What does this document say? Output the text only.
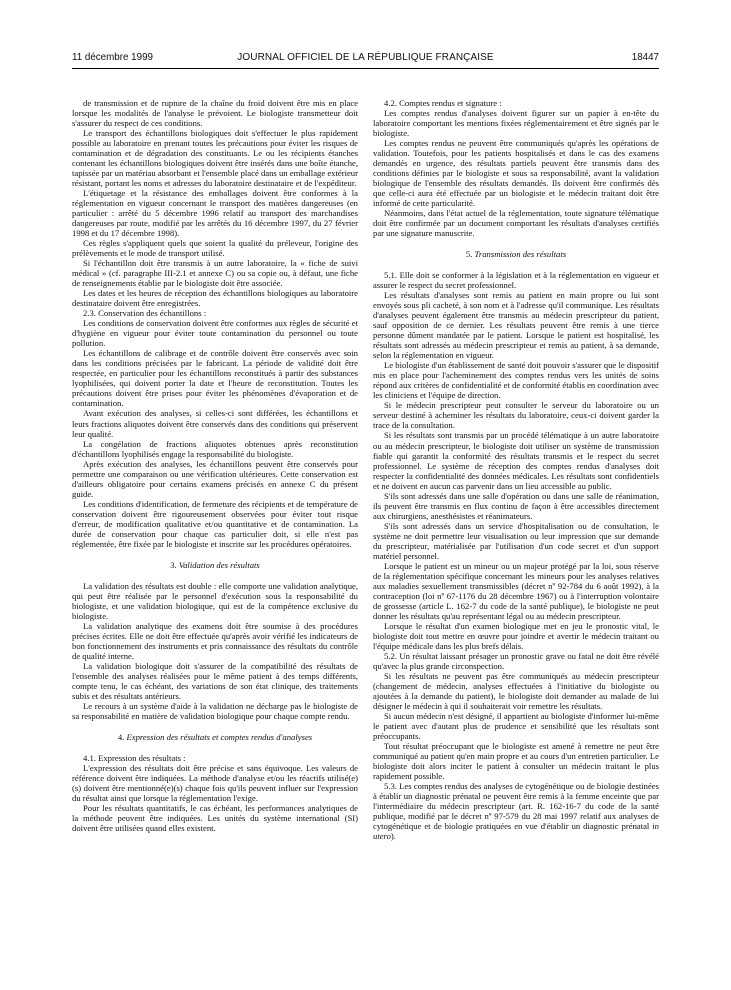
11 décembre 1999	JOURNAL OFFICIEL DE LA RÉPUBLIQUE FRANÇAISE	18447

de transmission et de rupture de la chaîne du froid doivent être mis en place lorsque les modalités de l'analyse le prévoient. Le biologiste transmetteur doit s'assurer du respect de ces conditions.

Le transport des échantillons biologiques doit s'effectuer le plus rapidement possible au laboratoire en prenant toutes les précautions pour éviter les risques de contamination et de dégradation des constituants. Le ou les récipients étanches contenant les échantillons biologiques doivent être insérés dans une boîte étanche, tapissée par un matériau absorbant et l'ensemble placé dans un emballage extérieur résistant, portant les noms et adresses du laboratoire destinataire et de l'expéditeur.

L'étiquetage et la résistance des emballages doivent être conformes à la réglementation en vigueur concernant le transport des matières dangereuses (en particulier : arrêté du 5 décembre 1996 relatif au transport des marchandises dangereuses par route, modifié par les arrêtés du 16 décembre 1997, du 27 février 1998 et du 17 décembre 1998).

Ces règles s'appliquent quels que soient la qualité du préleveur, l'origine des prélèvements et le mode de transport utilisé.

Si l'échantillon doit être transmis à un autre laboratoire, la « fiche de suivi médical » (cf. paragraphe III-2.1 et annexe C) ou sa copie ou, à défaut, une fiche de renseignements établie par le biologiste doit être associée.

Les dates et les heures de réception des échantillons biologiques au laboratoire destinataire doivent être enregistrées.

2.3. Conservation des échantillons :

Les conditions de conservation doivent être conformes aux règles de sécurité et d'hygiène en vigueur pour éviter toute contamination du personnel ou toute pollution.

Les échantillons de calibrage et de contrôle doivent être conservés avec soin dans les conditions précisées par le fabricant. La période de validité doit être respectée, en particulier pour les échantillons reconstitués à partir des substances lyophilisées, qui doivent porter la date et l'heure de reconstitution. Toutes les précautions doivent être prises pour éviter les phénomènes d'évaporation et de contamination.

Avant exécution des analyses, si celles-ci sont différées, les échantillons et leurs fractions aliquotes doivent être conservés dans des conditions qui préservent leur qualité.

La congélation de fractions aliquotes obtenues après reconstitution d'échantillons lyophilisés engage la responsabilité du biologiste.

Après exécution des analyses, les échantillons peuvent être conservés pour permettre une comparaison ou une vérification ultérieures. Cette conservation est d'ailleurs obligatoire pour certains examens précisés en annexe C du présent guide.

Les conditions d'identification, de fermeture des récipients et de température de conservation doivent être rigoureusement observées pour éviter tout risque d'erreur, de modification qualitative et/ou quantitative et de contamination. La durée de conservation pour chaque cas particulier doit, si elle n'est pas réglementée, être fixée par le biologiste et inscrite sur les procédures opératoires.

3. Validation des résultats

La validation des résultats est double : elle comporte une validation analytique, qui peut être réalisée par le personnel d'exécution sous la responsabilité du biologiste, et une validation biologique, qui est de la compétence exclusive du biologiste.

La validation analytique des examens doit être soumise à des procédures précises écrites. Elle ne doit être effectuée qu'après avoir vérifié les indicateurs de bon fonctionnement des instruments et pris connaissance des résultats du contrôle de qualité interne.

La validation biologique doit s'assurer de la compatibilité des résultats de l'ensemble des analyses réalisées pour le même patient à des temps différents, compte tenu, le cas échéant, des variations de son état clinique, des traitements subis et des résultats antérieurs.

Le recours à un système d'aide à la validation ne décharge pas le biologiste de sa responsabilité en matière de validation biologique pour chaque compte rendu.

4. Expression des résultats et comptes rendus d'analyses

4.1. Expression des résultats :

L'expression des résultats doit être précise et sans équivoque. Les valeurs de référence doivent être indiquées. La méthode d'analyse et/ou les réactifs utilisé(e)(s) doivent être mentionné(e)(s) chaque fois qu'ils peuvent influer sur l'expression du résultat ainsi que lorsque la réglementation l'exige.

Pour les résultats quantitatifs, le cas échéant, les performances analytiques de la méthode peuvent être indiquées. Les unités du système international (SI) doivent être utilisées quand elles existent.

4.2. Comptes rendus et signature :

Les comptes rendus d'analyses doivent figurer sur un papier à en-tête du laboratoire comportant les mentions fixées réglementairement et être signés par le biologiste.

Les comptes rendus ne peuvent être communiqués qu'après les opérations de validation. Toutefois, pour les patients hospitalisés et dans le cas des examens demandés en urgence, des résultats partiels peuvent être transmis dans des conditions définies par le biologiste et sous sa responsabilité, avant la validation biologique de l'ensemble des résultats demandés. Ils doivent être confirmés dès que celle-ci aura été effectuée par un biologiste et le médecin traitant doit être informé de cette particularité.

Néanmoins, dans l'état actuel de la réglementation, toute signature télématique doit être confirmée par un document comportant les résultats d'analyses certifiés par une signature manuscrite.

5. Transmission des résultats

5.1. Elle doit se conformer à la législation et à la réglementation en vigueur et assurer le respect du secret professionnel.

Les résultats d'analyses sont remis au patient en main propre ou lui sont envoyés sous pli cacheté, à son nom et à l'adresse qu'il communique. Les résultats d'analyses peuvent également être transmis au médecin prescripteur du patient, sauf opposition de ce dernier. Les résultats peuvent être remis à une tierce personne dûment mandatée par le patient. Lorsque le patient est hospitalisé, les résultats sont adressés au médecin prescripteur et remis au patient, à sa demande, selon la réglementation en vigueur.

Le biologiste d'un établissement de santé doit pouvoir s'assurer que le dispositif mis en place pour l'acheminement des comptes rendus vers les unités de soins répond aux critères de confidentialité et de conformité établis en coordination avec les cliniciens et l'équipe de direction.

Si le médecin prescripteur peut consulter le serveur du laboratoire ou un serveur destiné à acheminer les résultats du laboratoire, ceux-ci doivent garder la trace de la consultation.

Si les résultats sont transmis par un procédé télématique à un autre laboratoire ou au médecin prescripteur, le biologiste doit utiliser un système de transmission fiable qui garantit la conformité des résultats transmis et le respect du secret professionnel. Le système de réception des comptes rendus d'analyses doit respecter la confidentialité des données médicales. Les résultats sont confidentiels et ne doivent en aucun cas parvenir dans un lieu accessible au public.

S'ils sont adressés dans une salle d'opération ou dans une salle de réanimation, ils peuvent être transmis en flux continu de façon à être accessibles directement aux chirurgiens, anesthésistes et réanimateurs.

S'ils sont adressés dans un service d'hospitalisation ou de consultation, le système ne doit permettre leur visualisation ou leur impression que sur demande du prescripteur, matérialisée par l'utilisation d'un code secret et d'un support matériel personnel.

Lorsque le patient est un mineur ou un majeur protégé par la loi, sous réserve de la réglementation spécifique concernant les mineurs pour les analyses relatives aux maladies sexuellement transmissibles (décret nº 92-784 du 6 août 1992), à la contraception (loi nº 67-1176 du 28 décembre 1967) ou à l'interruption volontaire de grossesse (article L. 162-7 du code de la santé publique), le biologiste ne peut donner les résultats qu'au représentant légal ou au médecin prescripteur.

Lorsque le résultat d'un examen biologique met en jeu le pronostic vital, le biologiste doit tout mettre en œuvre pour joindre et avertir le médecin traitant ou l'équipe médicale dans les plus brefs délais.

5.2. Un résultat laissant présager un pronostic grave ou fatal ne doit être révélé qu'avec la plus grande circonspection.

Si les résultats ne peuvent pas être communiqués au médecin prescripteur (changement de médecin, analyses effectuées à l'initiative du biologiste ou ajoutées à la demande du patient), le biologiste doit demander au malade de lui désigner le médecin à qui il souhaiterait voir remettre les résultats.

Si aucun médecin n'est désigné, il appartient au biologiste d'informer lui-même le patient avec d'autant plus de prudence et sensibilité que les résultats sont préoccupants.

Tout résultat préoccupant que le biologiste est amené à remettre ne peut être communiqué au patient qu'en main propre et au cours d'un entretien particulier. Le biologiste doit alors inciter le patient à consulter un médecin traitant le plus rapidement possible.

5.3. Les comptes rendus des analyses de cytogénétique ou de biologie destinées à établir un diagnostic prénatal ne peuvent être remis à la femme enceinte que par l'intermédiaire du médecin prescripteur (art. R. 162-16-7 du code de la santé publique, modifié par le décret nº 97-579 du 28 mai 1997 relatif aux analyses de cytogénétique et de biologie pratiquées en vue d'établir un diagnostic prénatal in utero).
